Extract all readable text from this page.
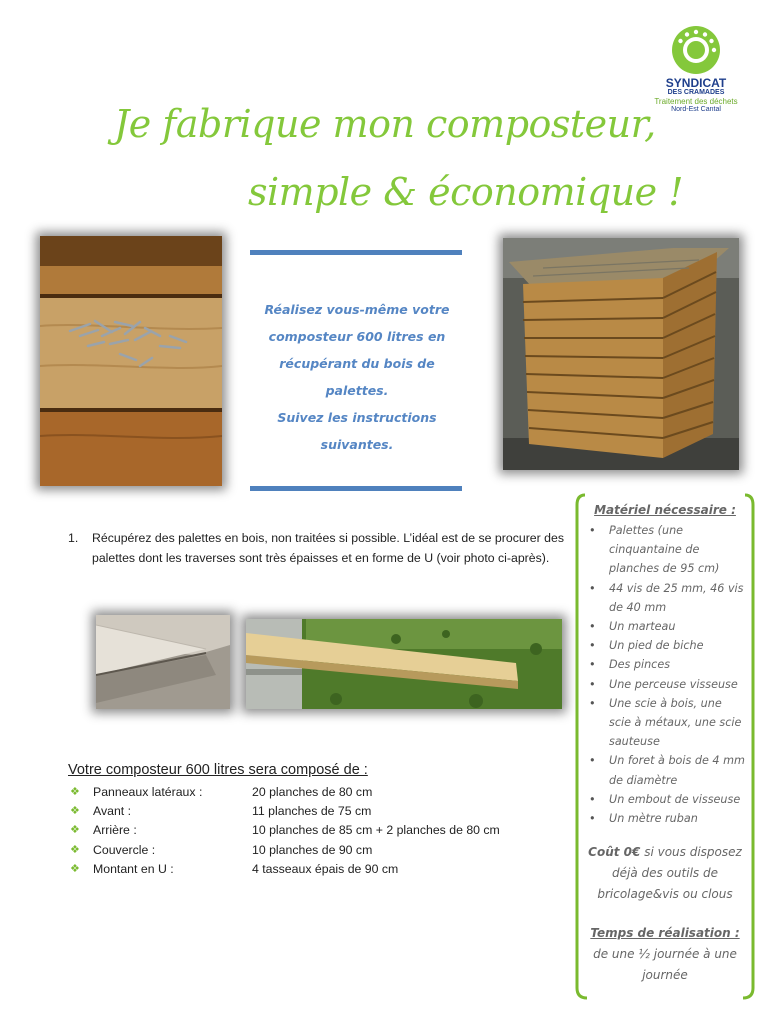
SYNDICAT
DES CRAMADES
Traitement des déchets
Nord-Est Cantal
Je fabrique mon composteur,
simple & économique !
Réalisez vous-même votre composteur 600 litres en récupérant du bois de palettes.
Suivez les instructions suivantes.
1. Récupérez des palettes en bois, non traitées si possible. L’idéal est de se procurer des palettes dont les traverses sont très épaisses et en forme de U (voir photo ci-après).
Votre composteur 600 litres sera composé de :
❖ Panneaux latéraux :	20 planches de 80 cm
❖ Avant :	11 planches de 75 cm
❖ Arrière :	10 planches de 85 cm + 2 planches de 80 cm
❖ Couvercle :	10 planches de 90 cm
❖ Montant en U :	4 tasseaux épais de 90 cm
Matériel nécessaire :
• Palettes (une cinquantaine de planches de 95 cm)
• 44 vis de 25 mm, 46 vis de 40 mm
• Un marteau
• Un pied de biche
• Des pinces
• Une perceuse visseuse
• Une scie à bois, une scie à métaux, une scie sauteuse
• Un foret à bois de 4 mm de diamètre
• Un embout de visseuse
• Un mètre ruban
Coût 0€ si vous disposez déjà des outils de bricolage&vis ou clous
Temps de réalisation :
de une ½ journée à une journée
